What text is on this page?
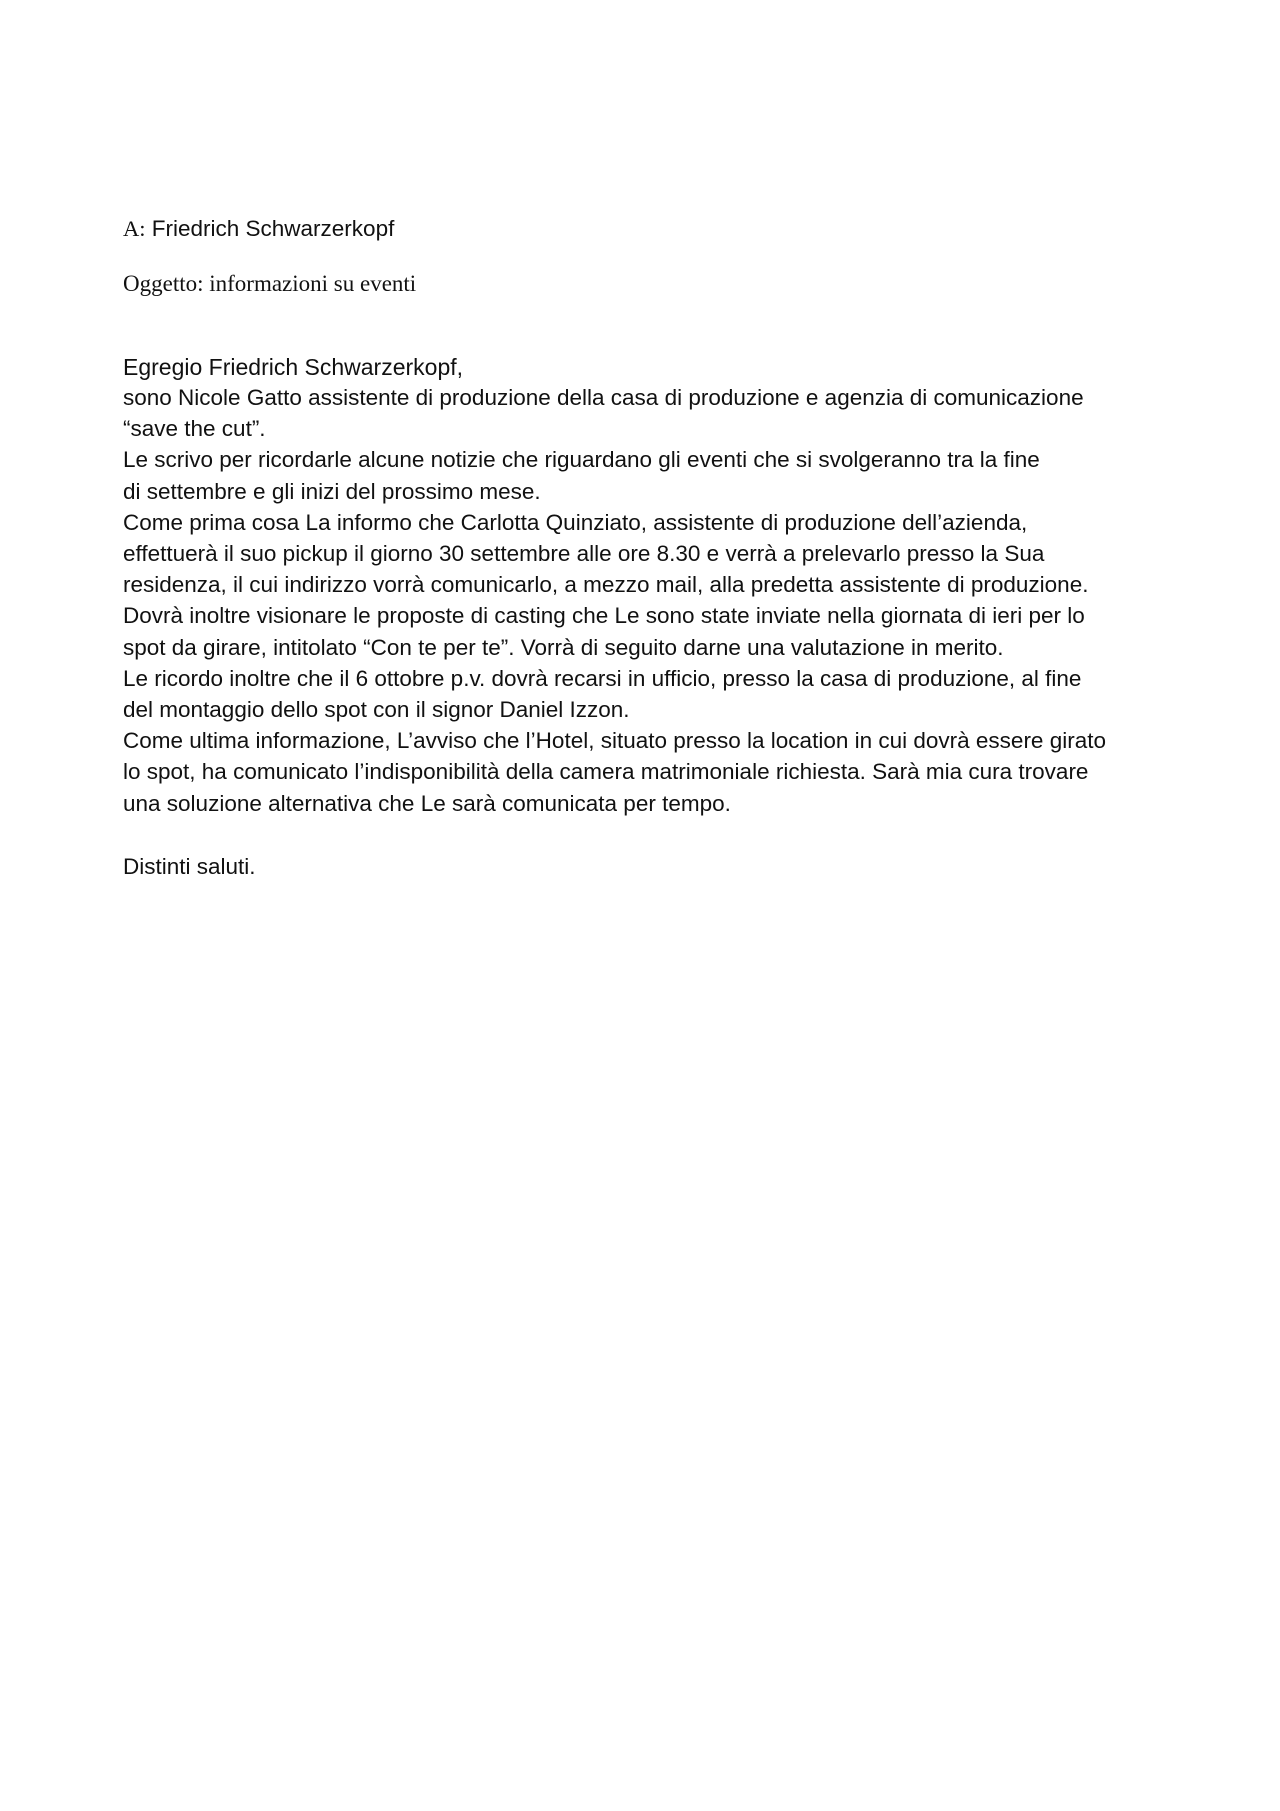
A: Friedrich Schwarzerkopf
Oggetto: informazioni su eventi
Egregio Friedrich Schwarzerkopf,
sono Nicole Gatto assistente di produzione della casa di produzione e agenzia di comunicazione
“save the cut”.
Le scrivo per ricordarle alcune notizie che riguardano gli eventi che si svolgeranno tra la fine
di settembre e gli inizi del prossimo mese.
Come prima cosa La informo che Carlotta Quinziato, assistente di produzione dell’azienda,
effettuerà il suo pickup il giorno 30 settembre alle ore 8.30 e verrà a prelevarlo presso la Sua
residenza, il cui indirizzo vorrà comunicarlo, a mezzo mail, alla predetta assistente di produzione.
Dovrà inoltre visionare le proposte di casting che Le sono state inviate nella giornata di ieri per lo
spot da girare, intitolato “Con te per te”. Vorrà di seguito darne una valutazione in merito.
Le ricordo inoltre che il 6 ottobre p.v. dovrà recarsi in ufficio, presso la casa di produzione, al fine
del montaggio dello spot con il signor Daniel Izzon.
Come ultima informazione, L’avviso che l’Hotel, situato presso la location in cui dovrà essere girato
lo spot, ha comunicato l’indisponibilità della camera matrimoniale richiesta. Sarà mia cura trovare
una soluzione alternativa che Le sarà comunicata per tempo.
Distinti saluti.
